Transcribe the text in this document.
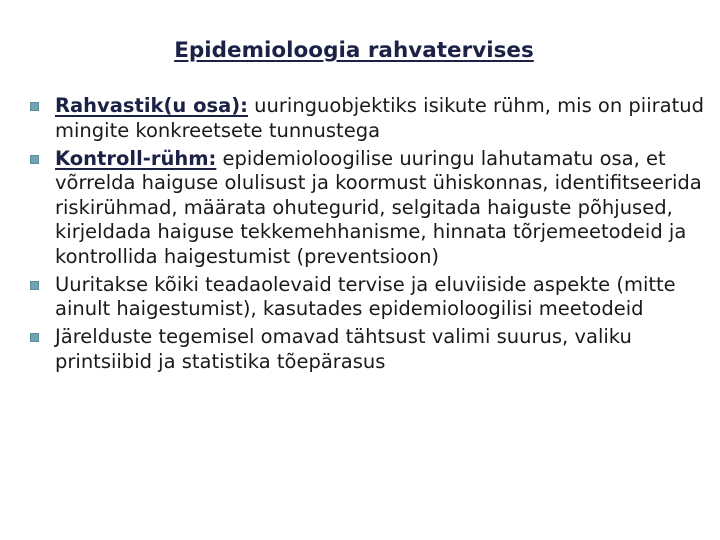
Epidemioloogia rahvatervises
Rahvastik(u osa): uuringuobjektiks isikute rühm, mis on piiratud mingite konkreetsete tunnustega
Kontroll-rühm: epidemioloogilise uuringu lahutamatu osa, et võrrelda haiguse olulisust ja koormust ühiskonnas, identifitseerida riskirühmad, määrata ohutegurid, selgitada haiguste põhjused, kirjeldada haiguse tekkemehhanisme, hinnata tõrjemeetodeid ja kontrollida haigestumist (preventsioon)
Uuritakse kõiki teadaolevaid tervise ja eluviiside aspekte (mitte ainult haigestumist), kasutades epidemioloogilisi meetodeid
Järelduste tegemisel omavad tähtsust valimi suurus, valiku printsiibid ja statistika tõepärasus
